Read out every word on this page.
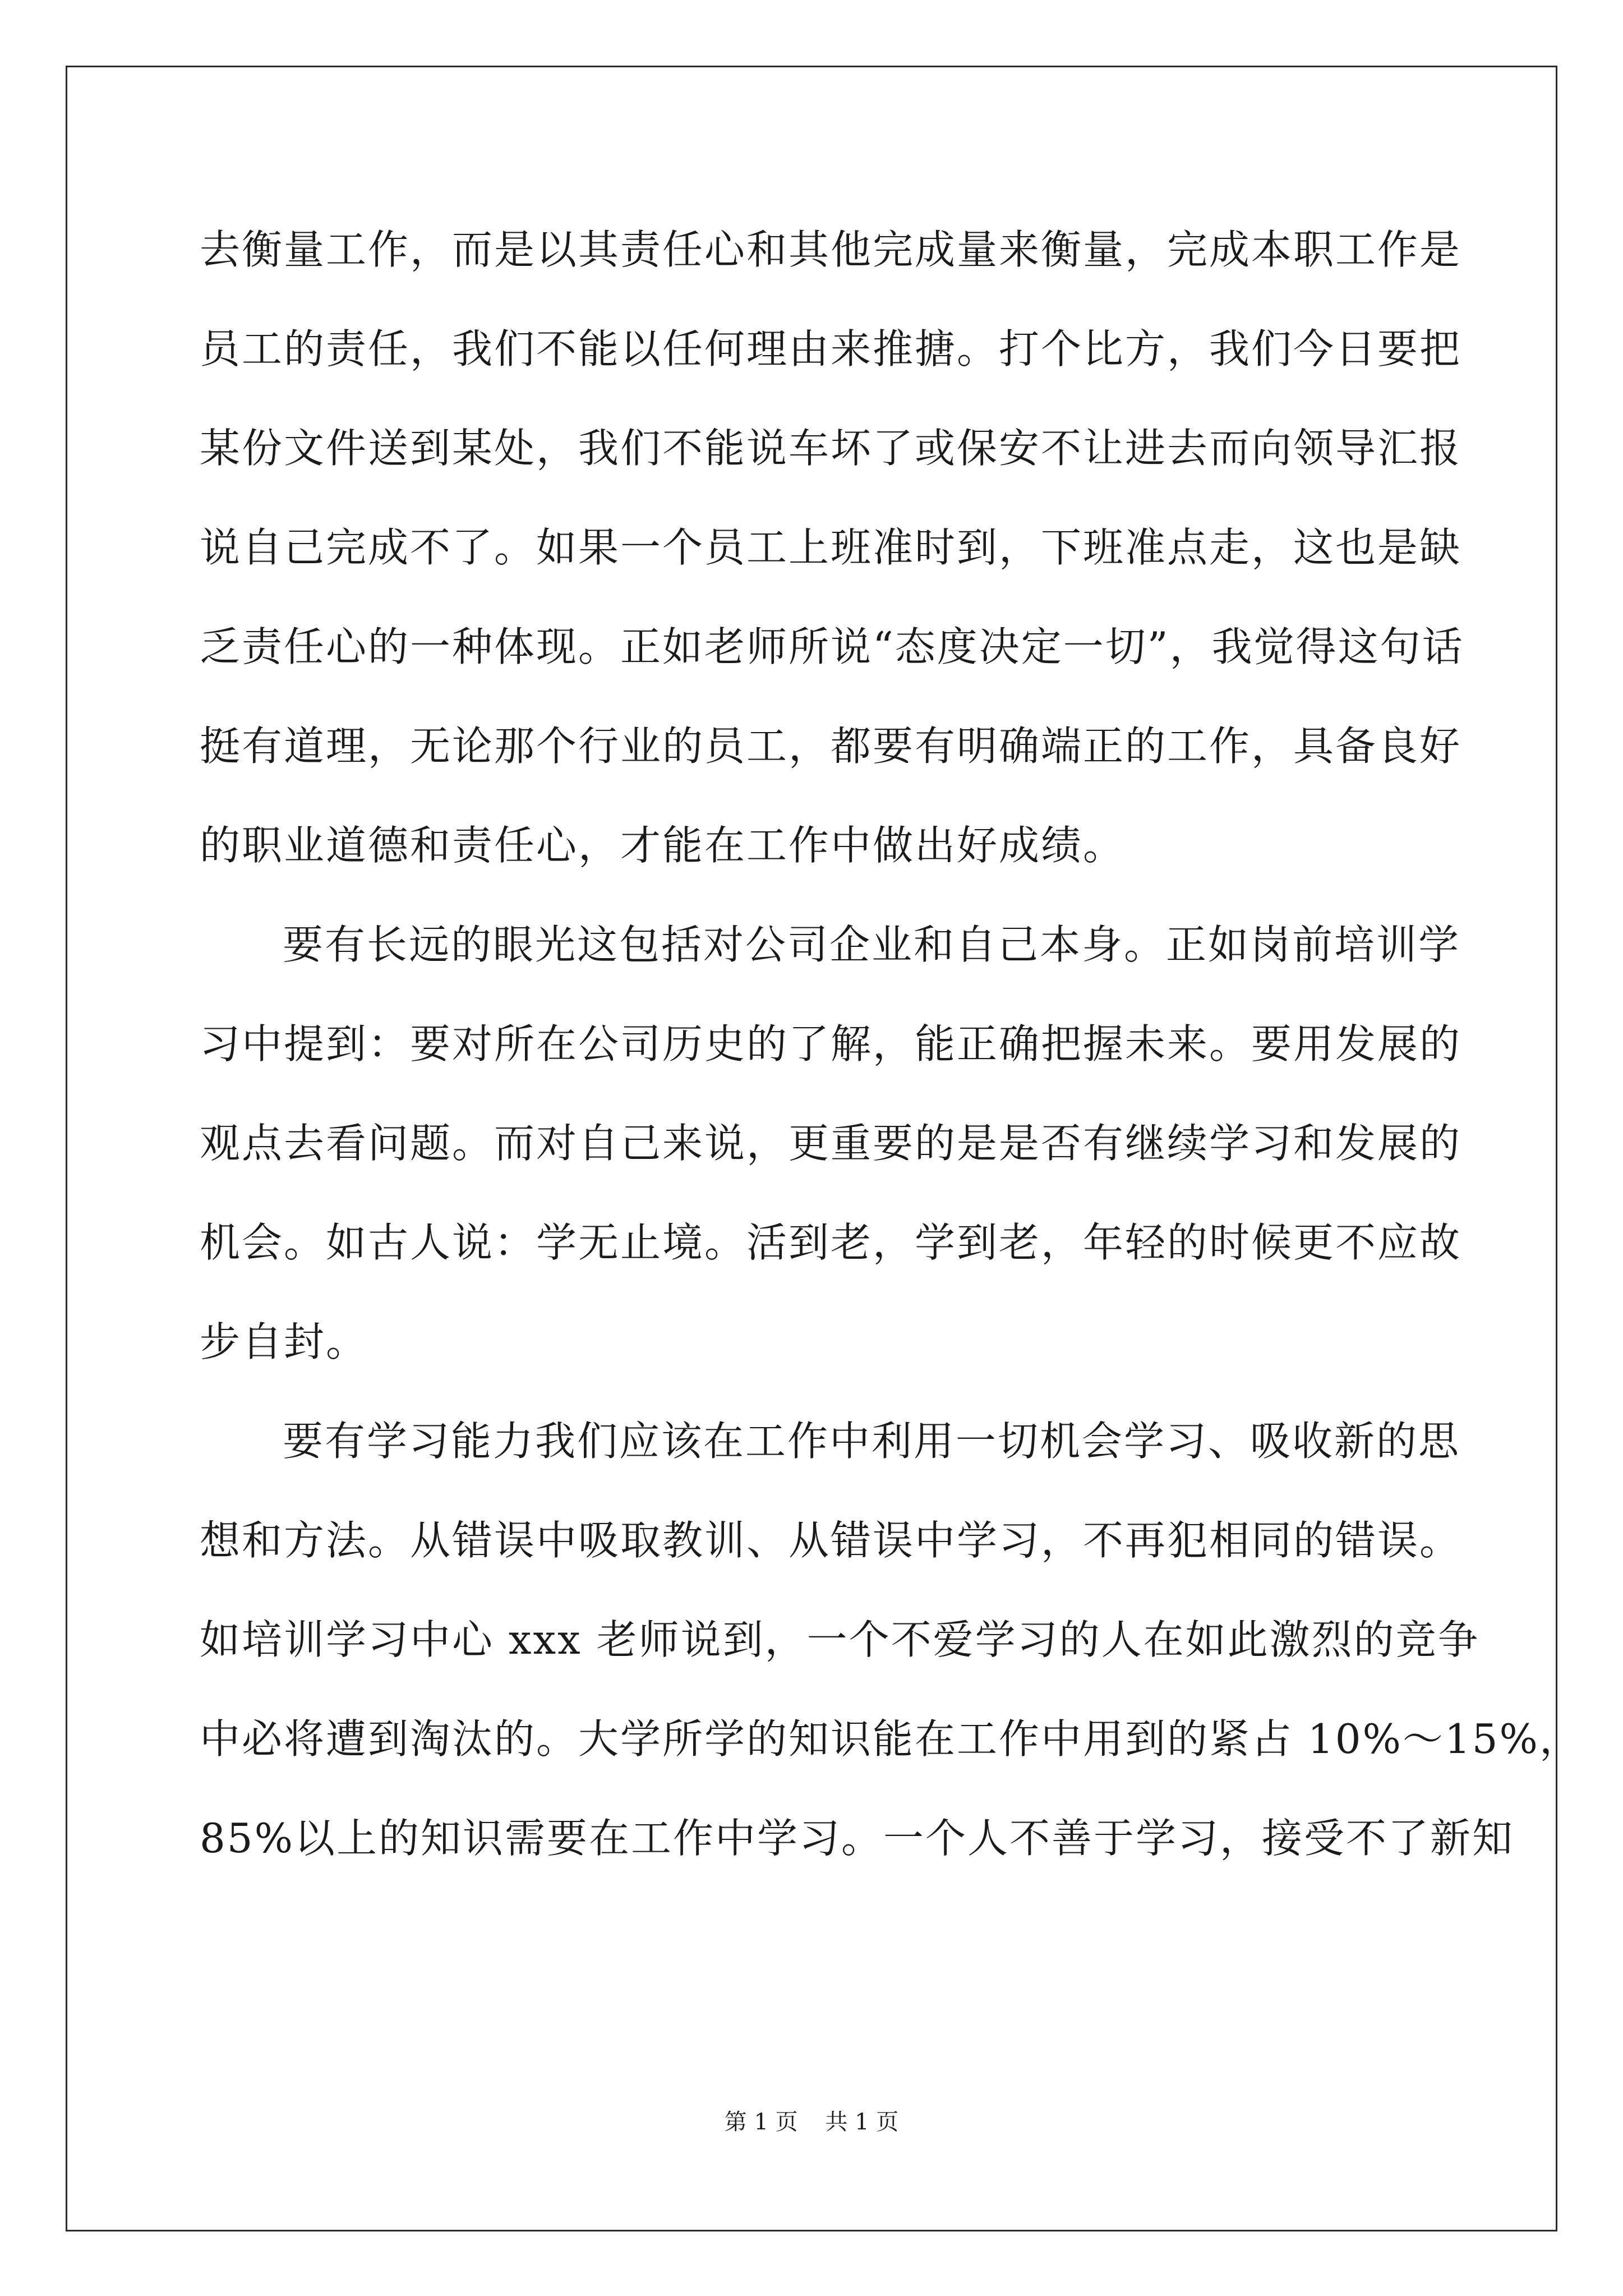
去衡量工作，而是以其责任心和其他完成量来衡量，完成本职工作是
员工的责任，我们不能以任何理由来推搪。打个比方，我们今日要把
某份文件送到某处，我们不能说车坏了或保安不让进去而向领导汇报
说自己完成不了。如果一个员工上班准时到，下班准点走，这也是缺
乏责任心的一种体现。正如老师所说“态度决定一切”，我觉得这句话
挺有道理，无论那个行业的员工，都要有明确端正的工作，具备良好
的职业道德和责任心，才能在工作中做出好成绩。
要有长远的眼光这包括对公司企业和自己本身。正如岗前培训学
习中提到：要对所在公司历史的了解，能正确把握未来。要用发展的
观点去看问题。而对自己来说，更重要的是是否有继续学习和发展的
机会。如古人说：学无止境。活到老，学到老，年轻的时候更不应故
步自封。
要有学习能力我们应该在工作中利用一切机会学习、吸收新的思
想和方法。从错误中吸取教训、从错误中学习，不再犯相同的错误。
如培训学习中心 xxx 老师说到，一个不爱学习的人在如此激烈的竞争
中必将遭到淘汰的。大学所学的知识能在工作中用到的紧占 10%～15%，
85%以上的知识需要在工作中学习。一个人不善于学习，接受不了新知
第 1 页 共 1 页
